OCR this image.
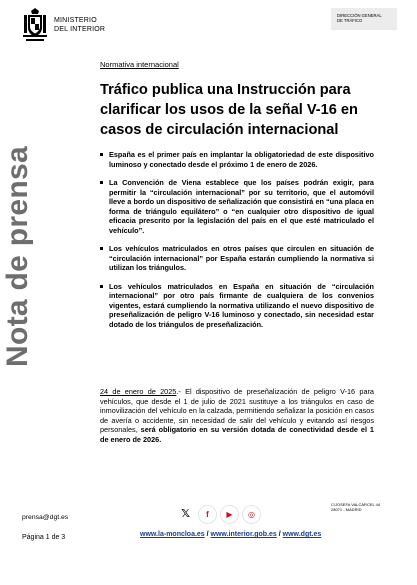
MINISTERIO
DEL INTERIOR
DIRECCIÓN GENERAL
DE TRÁFICO
Nota de prensa
Normativa internacional
Tráfico publica una Instrucción para clarificar los usos de la señal V-16 en casos de circulación internacional
España es el primer país en implantar la obligatoriedad de este dispositivo luminoso y conectado desde el próximo 1 de enero de 2026.
La Convención de Viena establece que los países podrán exigir, para permitir la “circulación internacional” por su territorio, que el automóvil lleve a bordo un dispositivo de señalización que consistirá en “una placa en forma de triángulo equilátero” o “en cualquier otro dispositivo de igual eficacia prescrito por la legislación del país en el que esté matriculado el vehículo”.
Los vehículos matriculados en otros países que circulen en situación de “circulación internacional” por España estarán cumpliendo la normativa si utilizan los triángulos.
Los vehículos matriculados en España en situación de “circulación internacional” por otro país firmante de cualquiera de los convenios vigentes, estará cumpliendo la normativa utilizando el nuevo dispositivo de preseñalización de peligro V-16 luminoso y conectado, sin necesidad estar dotado de los triángulos de preseñalización.
24 de enero de 2025.- El dispositivo de preseñalización de peligro V-16 para vehículos, que desde el 1 de julio de 2021 sustituye a los triángulos en caso de inmovilización del vehículo en la calzada, permitiendo señalizar la posición en casos de avería o accidente, sin necesidad de salir del vehículo y evitando así riesgos personales, será obligatorio en su versión dotada de conectividad desde el 1 de enero de 2026.
prensa@dgt.es
Página 1 de 3
𝕏	f	▶	◎
C/JOSEFA VALCÁRCEL 44
28071 - MADRID
www.la-moncloa.es / www.interior.gob.es / www.dgt.es
